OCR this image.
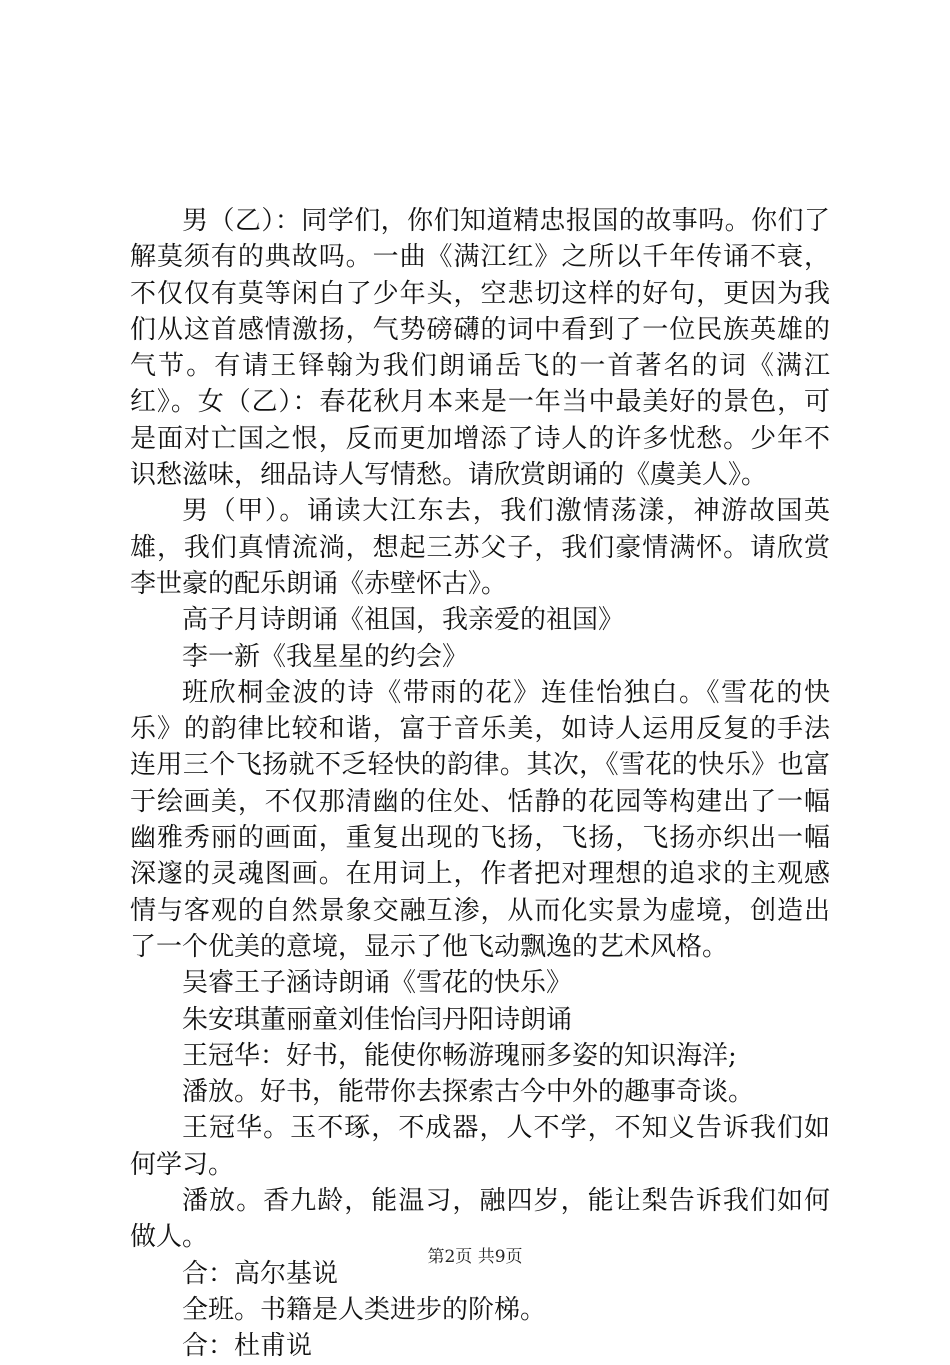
男（乙）：同学们，你们知道精忠报国的故事吗。你们了解莫须有的典故吗。一曲《满江红》之所以千年传诵不衰，不仅仅有莫等闲白了少年头，空悲切这样的好句，更因为我们从这首感情激扬，气势磅礴的词中看到了一位民族英雄的气节。有请王铎翰为我们朗诵岳飞的一首著名的词《满江红》。女（乙）：春花秋月本来是一年当中最美好的景色，可是面对亡国之恨，反而更加增添了诗人的许多忧愁。少年不识愁滋味，细品诗人写情愁。请欣赏朗诵的《虞美人》。

男（甲）。诵读大江东去，我们激情荡漾，神游故国英雄，我们真情流淌，想起三苏父子，我们豪情满怀。请欣赏李世豪的配乐朗诵《赤壁怀古》。

高子月诗朗诵《祖国，我亲爱的祖国》

李一新《我星星的约会》

班欣桐金波的诗《带雨的花》连佳怡独白。《雪花的快乐》的韵律比较和谐，富于音乐美，如诗人运用反复的手法连用三个飞扬就不乏轻快的韵律。其次，《雪花的快乐》也富于绘画美，不仅那清幽的住处、恬静的花园等构建出了一幅幽雅秀丽的画面，重复出现的飞扬，飞扬，飞扬亦织出一幅深邃的灵魂图画。在用词上，作者把对理想的追求的主观感情与客观的自然景象交融互渗，从而化实景为虚境，创造出了一个优美的意境，显示了他飞动飘逸的艺术风格。

吴睿王子涵诗朗诵《雪花的快乐》

朱安琪董丽童刘佳怡闫丹阳诗朗诵

王冠华：好书，能使你畅游瑰丽多姿的知识海洋;

潘放。好书，能带你去探索古今中外的趣事奇谈。

王冠华。玉不琢，不成器，人不学，不知义告诉我们如何学习。

潘放。香九龄，能温习，融四岁，能让梨告诉我们如何做人。

合：高尔基说

全班。书籍是人类进步的阶梯。

合：杜甫说

第2页 共9页
